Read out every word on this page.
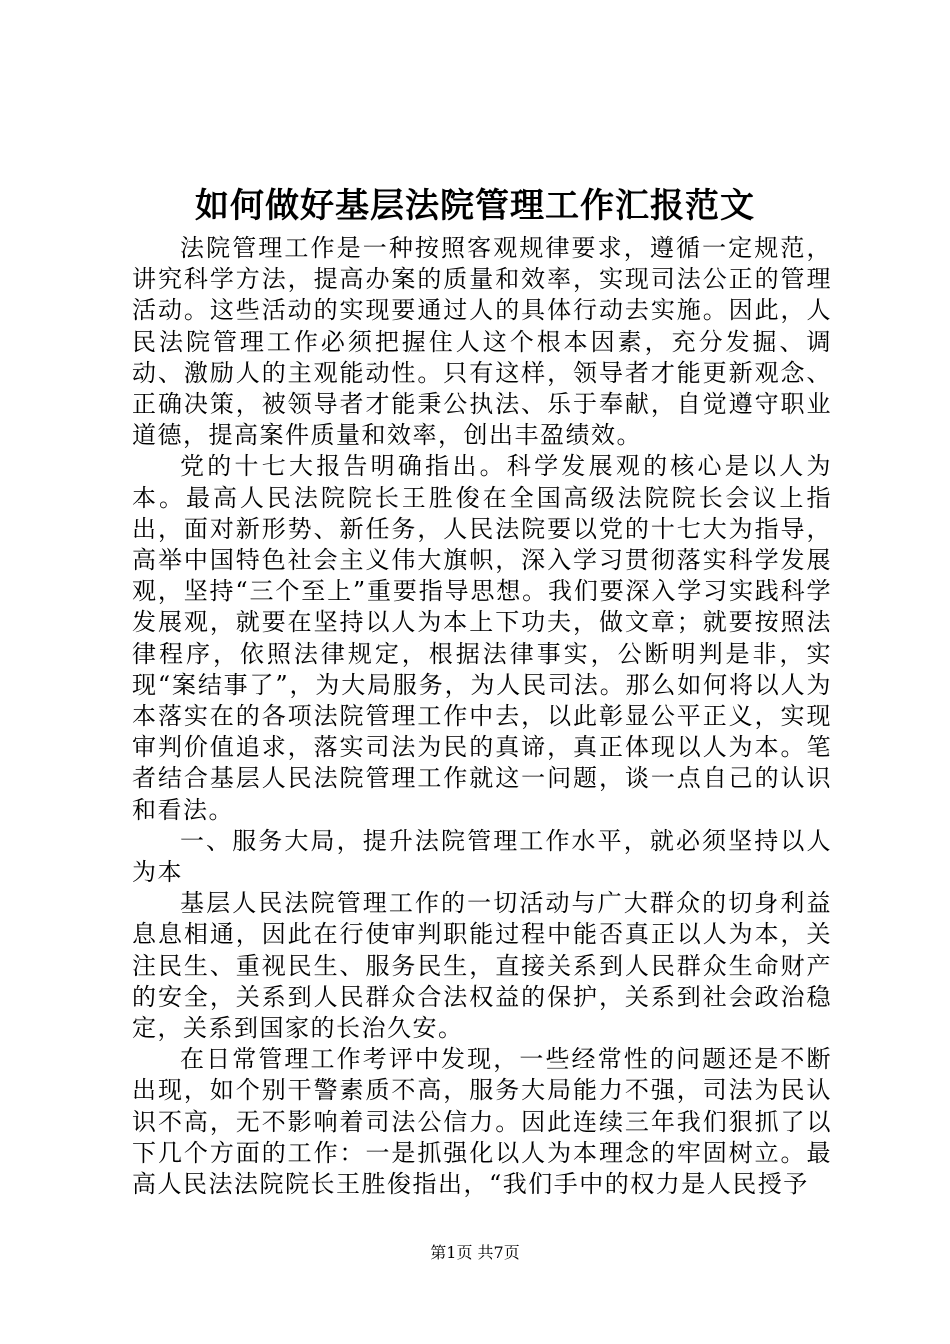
如何做好基层法院管理工作汇报范文

法院管理工作是一种按照客观规律要求，遵循一定规范，讲究科学方法，提高办案的质量和效率，实现司法公正的管理活动。这些活动的实现要通过人的具体行动去实施。因此，人民法院管理工作必须把握住人这个根本因素，充分发掘、调动、激励人的主观能动性。只有这样，领导者才能更新观念、正确决策，被领导者才能秉公执法、乐于奉献，自觉遵守职业道德，提高案件质量和效率，创出丰盈绩效。

党的十七大报告明确指出。科学发展观的核心是以人为本。最高人民法院院长王胜俊在全国高级法院院长会议上指出，面对新形势、新任务，人民法院要以党的十七大为指导，高举中国特色社会主义伟大旗帜，深入学习贯彻落实科学发展观，坚持“三个至上”重要指导思想。我们要深入学习实践科学发展观，就要在坚持以人为本上下功夫，做文章；就要按照法律程序，依照法律规定，根据法律事实，公断明判是非，实现“案结事了”，为大局服务，为人民司法。那么如何将以人为本落实在的各项法院管理工作中去，以此彰显公平正义，实现审判价值追求，落实司法为民的真谛，真正体现以人为本。笔者结合基层人民法院管理工作就这一问题，谈一点自己的认识和看法。

一、服务大局，提升法院管理工作水平，就必须坚持以人为本

基层人民法院管理工作的一切活动与广大群众的切身利益息息相通，因此在行使审判职能过程中能否真正以人为本，关注民生、重视民生、服务民生，直接关系到人民群众生命财产的安全，关系到人民群众合法权益的保护，关系到社会政治稳定，关系到国家的长治久安。

在日常管理工作考评中发现，一些经常性的问题还是不断出现，如个别干警素质不高，服务大局能力不强，司法为民认识不高，无不影响着司法公信力。因此连续三年我们狠抓了以下几个方面的工作：一是抓强化以人为本理念的牢固树立。最高人民法法院院长王胜俊指出，“我们手中的权力是人民授予

第1页 共7页
